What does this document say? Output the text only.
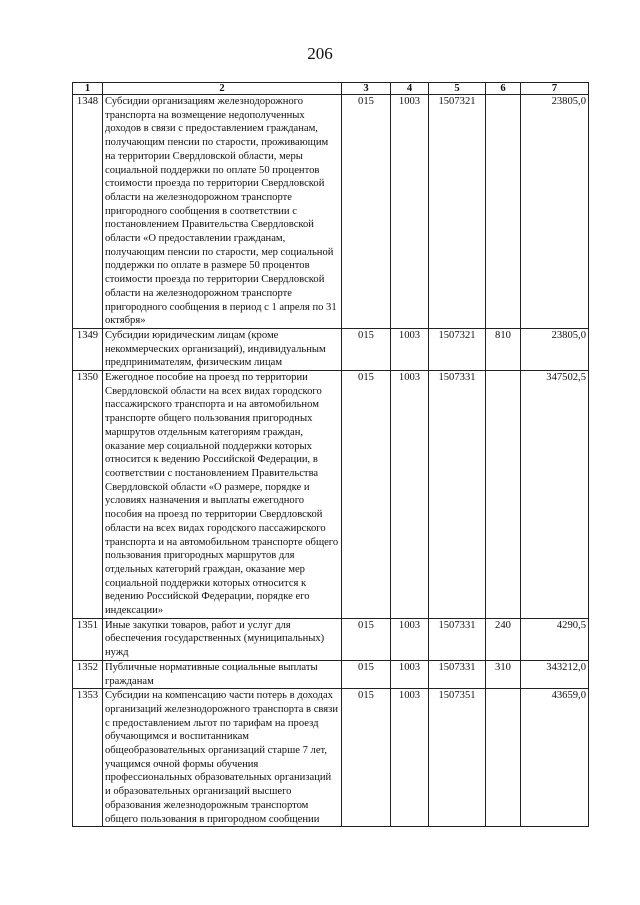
206
1	2	3	4	5	6	7
1348	Субсидии организациям железнодорожного транспорта на возмещение недополученных доходов в связи с предоставлением гражданам, получающим пенсии по старости, проживающим на территории Свердловской области, меры социальной поддержки по оплате 50 процентов стоимости проезда по территории Свердловской области на железнодорожном транспорте пригородного сообщения в соответствии с постановлением Правительства Свердловской области «О предоставлении гражданам, получающим пенсии по старости, мер социальной поддержки по оплате в размере 50 процентов стоимости проезда по территории Свердловской области на железнодорожном транспорте пригородного сообщения в период с 1 апреля по 31 октября»	015	1003	1507321		23805,0
1349	Субсидии юридическим лицам (кроме некоммерческих организаций), индивидуальным предпринимателям, физическим лицам	015	1003	1507321	810	23805,0
1350	Ежегодное пособие на проезд по территории Свердловской области на всех видах городского пассажирского транспорта и на автомобильном транспорте общего пользования пригородных маршрутов отдельным категориям граждан, оказание мер социальной поддержки которых относится к ведению Российской Федерации, в соответствии с постановлением Правительства Свердловской области «О размере, порядке и условиях назначения и выплаты ежегодного пособия на проезд по территории Свердловской области на всех видах городского пассажирского транспорта и на автомобильном транспорте общего пользования пригородных маршрутов для отдельных категорий граждан, оказание мер социальной поддержки которых относится к ведению Российской Федерации, порядке его индексации»	015	1003	1507331		347502,5
1351	Иные закупки товаров, работ и услуг для обеспечения государственных (муниципальных) нужд	015	1003	1507331	240	4290,5
1352	Публичные нормативные социальные выплаты гражданам	015	1003	1507331	310	343212,0
1353	Субсидии на компенсацию части потерь в доходах организаций железнодорожного транспорта в связи с предоставлением льгот по тарифам на проезд обучающимся и воспитанникам общеобразовательных организаций старше 7 лет, учащимся очной формы обучения профессиональных образовательных организаций и образовательных организаций высшего образования железнодорожным транспортом общего пользования в пригородном сообщении	015	1003	1507351		43659,0
